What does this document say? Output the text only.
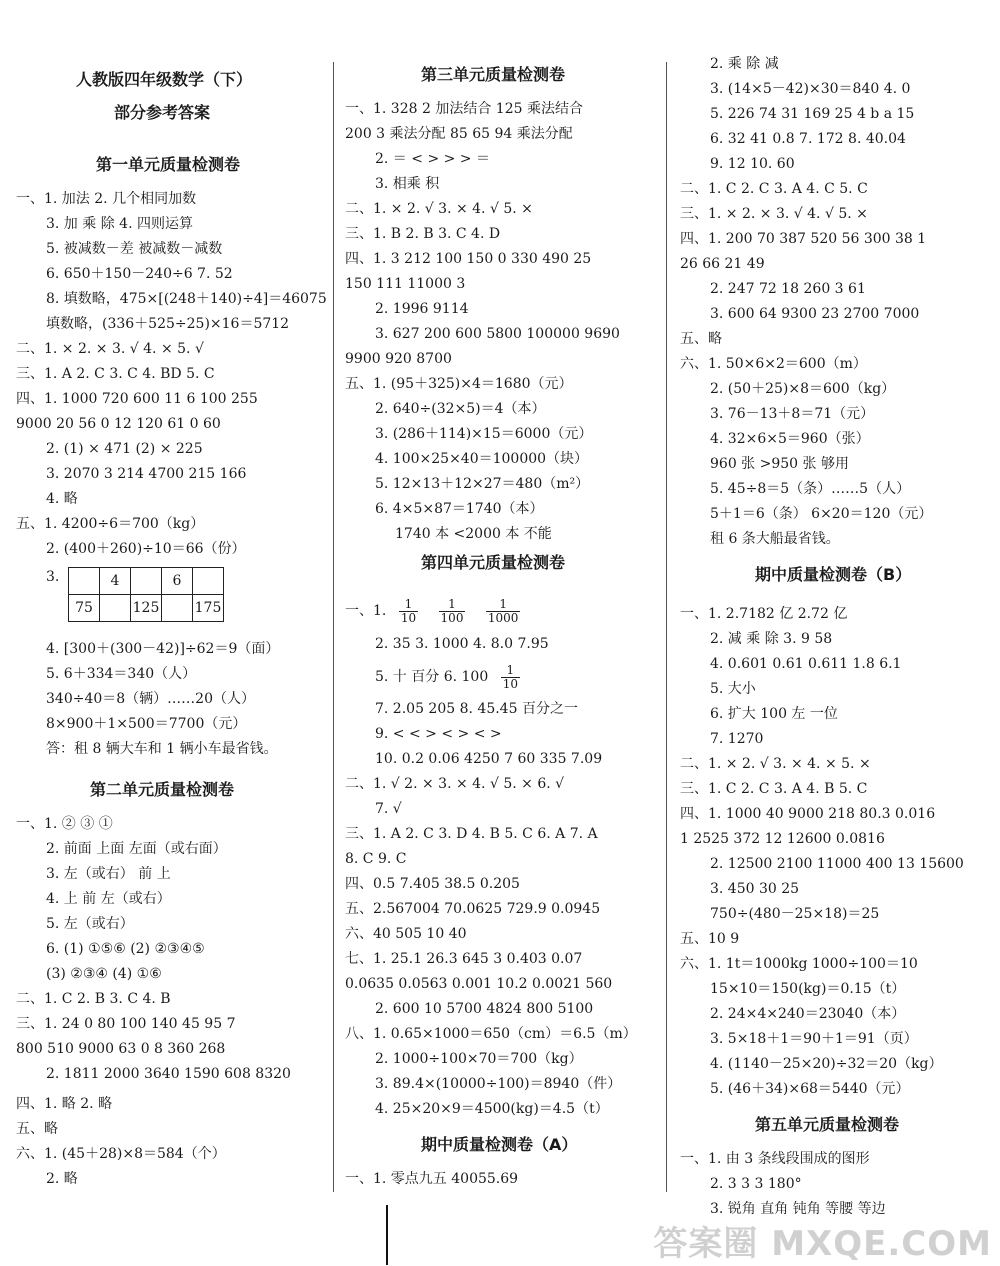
人教版四年级数学（下）
部分参考答案
第一单元质量检测卷
一、1. 加法 2. 几个相同加数
3. 加 乘 除 4. 四则运算
5. 被减数－差 被减数－减数
6. 650＋150－240÷6 7. 52
8. 填数略，475×[(248＋140)÷4]＝46075
填数略，(336＋525÷25)×16＝5712
二、1. × 2. × 3. √ 4. × 5. √
三、1. A 2. C 3. C 4. BD 5. C
四、1. 1000 720 600 11 6 100 255
9000 20 56 0 12 120 61 0 60
2. (1) × 471 (2) × 225
3. 2070 3 214 4700 215 166
4. 略
五、1. 4200÷6＝700（kg）
2. (400＋260)÷10＝66（份）
3.
		4		6	
75		125		175
4. [300＋(300－42)]÷62＝9（面）
5. 6＋334＝340（人）
340÷40＝8（辆）……20（人）
8×900＋1×500＝7700（元）
答：租 8 辆大车和 1 辆小车最省钱。
第二单元质量检测卷
一、1. ② ③ ①
2. 前面 上面 左面（或右面）
3. 左（或右） 前 上
4. 上 前 左（或右）
5. 左（或右）
6. (1) ①⑤⑥ (2) ②③④⑤
(3) ②③④ (4) ①⑥
二、1. C 2. B 3. C 4. B
三、1. 24 0 80 100 140 45 95 7
800 510 9000 63 0 8 360 268
2. 1811 2000 3640 1590 608 8320
四、1. 略 2. 略
五、略
六、1. (45＋28)×8＝584（个）
2. 略
第三单元质量检测卷
一、1. 328 2 加法结合 125 乘法结合
200 3 乘法分配 85 65 94 乘法分配
2. ＝ < > > > ＝
3. 相乘 积
二、1. × 2. √ 3. × 4. √ 5. ×
三、1. B 2. B 3. C 4. D
四、1. 3 212 100 150 0 330 490 25
150 111 11000 3
2. 1996 9114
3. 627 200 600 5800 100000 9690
9900 920 8700
五、1. (95＋325)×4＝1680（元）
2. 640÷(32×5)＝4（本）
3. (286＋114)×15＝6000（元）
4. 100×25×40＝100000（块）
5. 12×13＋12×27＝480（m²）
6. 4×5×87＝1740（本）
1740 本 <2000 本 不能
第四单元质量检测卷
一、1. $\frac{1}{10}$
$\frac{1}{100}$
$\frac{1}{1000}$
2. 35 3. 1000 4. 8.0 7.95
5. 十 百分 6. $100 \frac{1}{10}$
7. 2.05 205 8. 45.45 百分之一
9. < < > < > < >
10. 0.2 0.06 4250 7 60 335 7.09
二、1. √ 2. × 3. × 4. √ 5. × 6. √
7. √
三、1. A 2. C 3. D 4. B 5. C 6. A 7. A
8. C 9. C
四、0.5 7.405 38.5 0.205
五、2.567004 70.0625 729.9 0.0945
六、40 505 10 40
七、1. 25.1 26.3 645 3 0.403 0.07
0.0635 0.0563 0.001 10.2 0.0021 560
2. 600 10 5700 4824 800 5100
八、1. 0.65×1000＝650（cm）＝6.5（m）
2. 1000÷100×70＝700（kg）
3. 89.4×(10000÷100)＝8940（件）
4. 25×20×9＝4500(kg)＝4.5（t）
期中质量检测卷（A）
一、1. 零点九五 40055.69
2. 乘 除 减
3. (14×5－42)×30＝840 4. 0
5. 226 74 31 169 25 4 b a 15
6. 32 41 0.8 7. 172 8. 40.04
9. 12 10. 60
二、1. C 2. C 3. A 4. C 5. C
三、1. × 2. × 3. √ 4. √ 5. ×
四、1. 200 70 387 520 56 300 38 1
26 66 21 49
2. 247 72 18 260 3 61
3. 600 64 9300 23 2700 7000
五、略
六、1. 50×6×2＝600（m）
2. (50＋25)×8＝600（kg）
3. 76－13＋8＝71（元）
4. 32×6×5＝960（张）
960 张 >950 张 够用
5. 45÷8＝5（条）……5（人）
5＋1＝6（条） 6×20＝120（元）
租 6 条大船最省钱。
期中质量检测卷（B）
一、1. 2.7182 亿 2.72 亿
2. 减 乘 除 3. 9 58
4. 0.601 0.61 0.611 1.8 6.1
5. 大小
6. 扩大 100 左 一位
7. 1270
二、1. × 2. √ 3. × 4. × 5. ×
三、1. C 2. C 3. A 4. B 5. C
四、1. 1000 40 9000 218 80.3 0.016
1 2525 372 12 12600 0.0816
2. 12500 2100 11000 400 13 15600
3. 450 30 25
750÷(480－25×18)＝25
五、10 9
六、1. 1t＝1000kg 1000÷100＝10
15×10＝150(kg)＝0.15（t）
2. 24×4×240＝23040（本）
3. 5×18＋1＝90＋1＝91（页）
4. (1140－25×20)÷32＝20（kg）
5. (46＋34)×68＝5440（元）
第五单元质量检测卷
一、1. 由 3 条线段围成的图形
2. 3 3 3 180°
3. 锐角 直角 钝角 等腰 等边
答案圈 MXQE.COM
